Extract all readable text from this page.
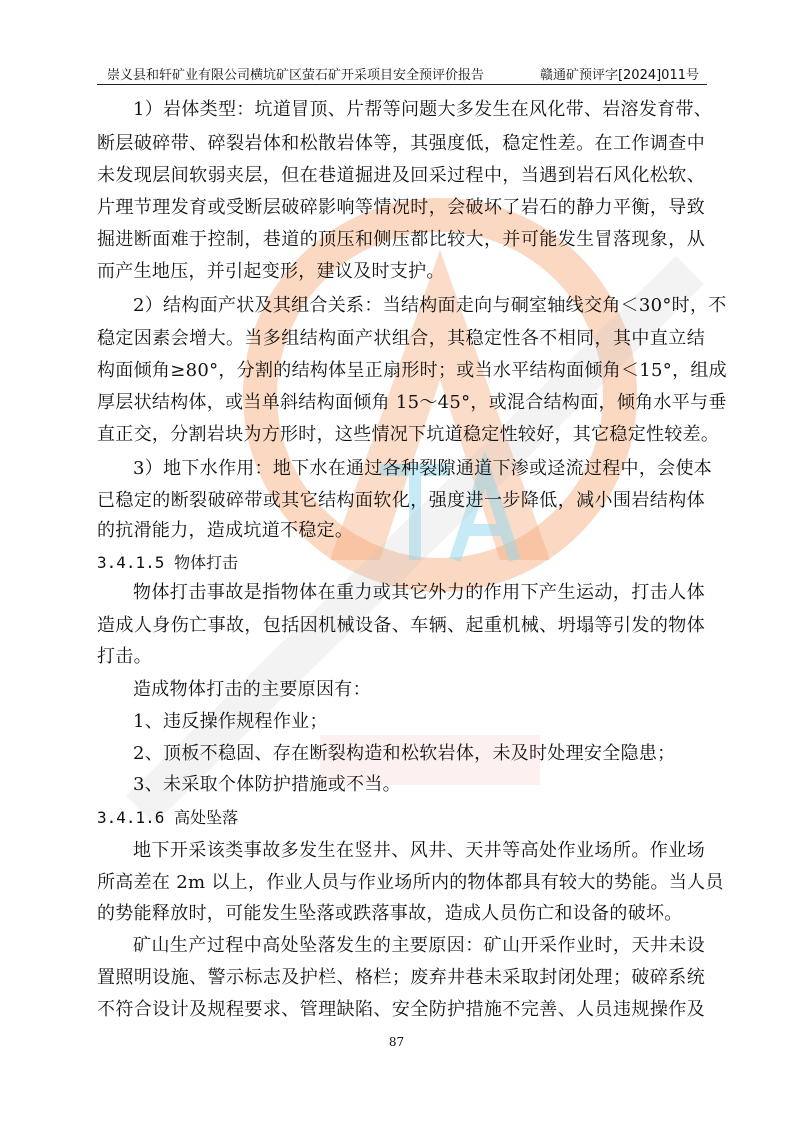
崇义县和轩矿业有限公司横坑矿区萤石矿开采项目安全预评价报告	赣通矿预评字[2024]011号
1）岩体类型：坑道冒顶、片帮等问题大多发生在风化带、岩溶发育带、
断层破碎带、碎裂岩体和松散岩体等，其强度低，稳定性差。在工作调查中
未发现层间软弱夹层，但在巷道掘进及回采过程中，当遇到岩石风化松软、
片理节理发育或受断层破碎影响等情况时，会破坏了岩石的静力平衡，导致
掘进断面难于控制，巷道的顶压和侧压都比较大，并可能发生冒落现象，从
而产生地压，并引起变形，建议及时支护。
2）结构面产状及其组合关系：当结构面走向与硐室轴线交角＜30°时，不
稳定因素会增大。当多组结构面产状组合，其稳定性各不相同，其中直立结
构面倾角≥80°，分割的结构体呈正扇形时；或当水平结构面倾角＜15°，组成
厚层状结构体，或当单斜结构面倾角 15～45°，或混合结构面，倾角水平与垂
直正交，分割岩块为方形时，这些情况下坑道稳定性较好，其它稳定性较差。
3）地下水作用：地下水在通过各种裂隙通道下渗或迳流过程中，会使本
已稳定的断裂破碎带或其它结构面软化，强度进一步降低，减小围岩结构体
的抗滑能力，造成坑道不稳定。
3.4.1.5 物体打击
物体打击事故是指物体在重力或其它外力的作用下产生运动，打击人体
造成人身伤亡事故，包括因机械设备、车辆、起重机械、坍塌等引发的物体
打击。
造成物体打击的主要原因有：
1、违反操作规程作业；
2、顶板不稳固、存在断裂构造和松软岩体，未及时处理安全隐患；
3、未采取个体防护措施或不当。
3.4.1.6 高处坠落
地下开采该类事故多发生在竖井、风井、天井等高处作业场所。作业场
所高差在 2m 以上，作业人员与作业场所内的物体都具有较大的势能。当人员
的势能释放时，可能发生坠落或跌落事故，造成人员伤亡和设备的破坏。
矿山生产过程中高处坠落发生的主要原因：矿山开采作业时，天井未设
置照明设施、警示标志及护栏、格栏；废弃井巷未采取封闭处理；破碎系统
不符合设计及规程要求、管理缺陷、安全防护措施不完善、人员违规操作及
87
